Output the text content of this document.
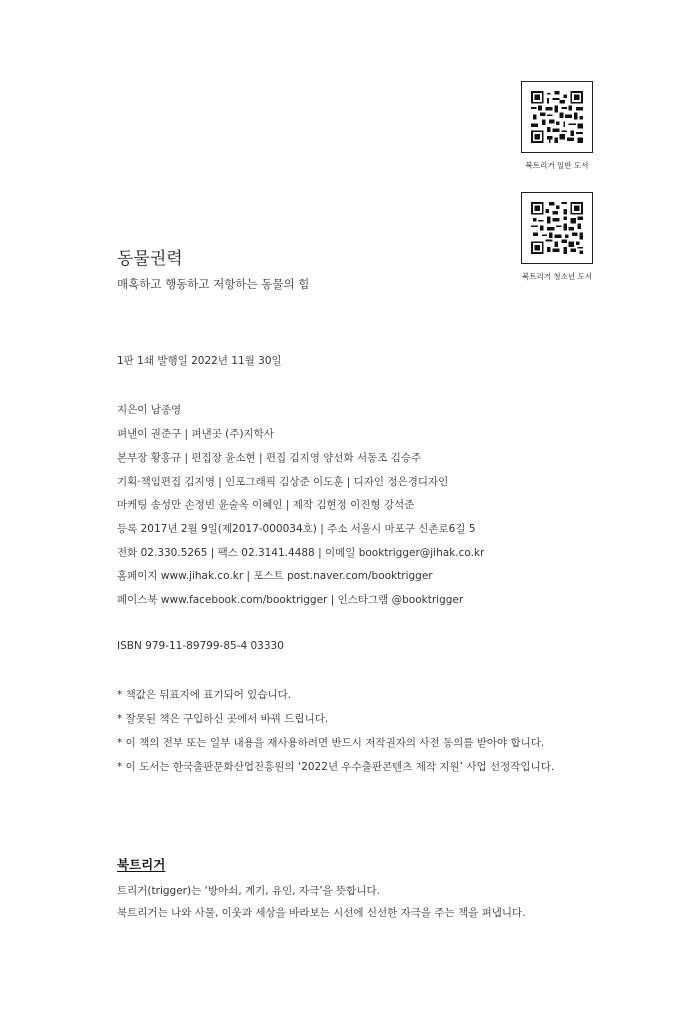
북트리거 일반 도서
북트리거 청소년 도서
동물권력
매혹하고 행동하고 저항하는 동물의 힘
1판 1쇄 발행일 2022년 11월 30일
지은이 남종영
펴낸이 권준구 | 펴낸곳 (주)지학사
본부장 황홍규 | 편집장 윤소현 | 편집 김지영 양선화 서동조 김승주
기획·책임편집 김지영 | 인포그래픽 김상준 이도훈 | 디자인 정은경디자인
마케팅 송성만 손정빈 윤술옥 이혜인 | 제작 김현정 이진형 강석준
등록 2017년 2월 9일(제2017-000034호) | 주소 서울시 마포구 신촌로6길 5
전화 02.330.5265 | 팩스 02.3141.4488 | 이메일 booktrigger@jihak.co.kr
홈페이지 www.jihak.co.kr | 포스트 post.naver.com/booktrigger
페이스북 www.facebook.com/booktrigger | 인스타그램 @booktrigger
ISBN 979-11-89799-85-4 03330
* 책값은 뒤표지에 표기되어 있습니다.
* 잘못된 책은 구입하신 곳에서 바꿔 드립니다.
* 이 책의 전부 또는 일부 내용을 재사용하려면 반드시 저작권자의 사전 동의를 받아야 합니다.
* 이 도서는 한국출판문화산업진흥원의 ‘2022년 우수출판콘텐츠 제작 지원’ 사업 선정작입니다.
북트리거
트리거(trigger)는 ‘방아쇠, 계기, 유인, 자극’을 뜻합니다.
북트리거는 나와 사물, 이웃과 세상을 바라보는 시선에 신선한 자극을 주는 책을 펴냅니다.
